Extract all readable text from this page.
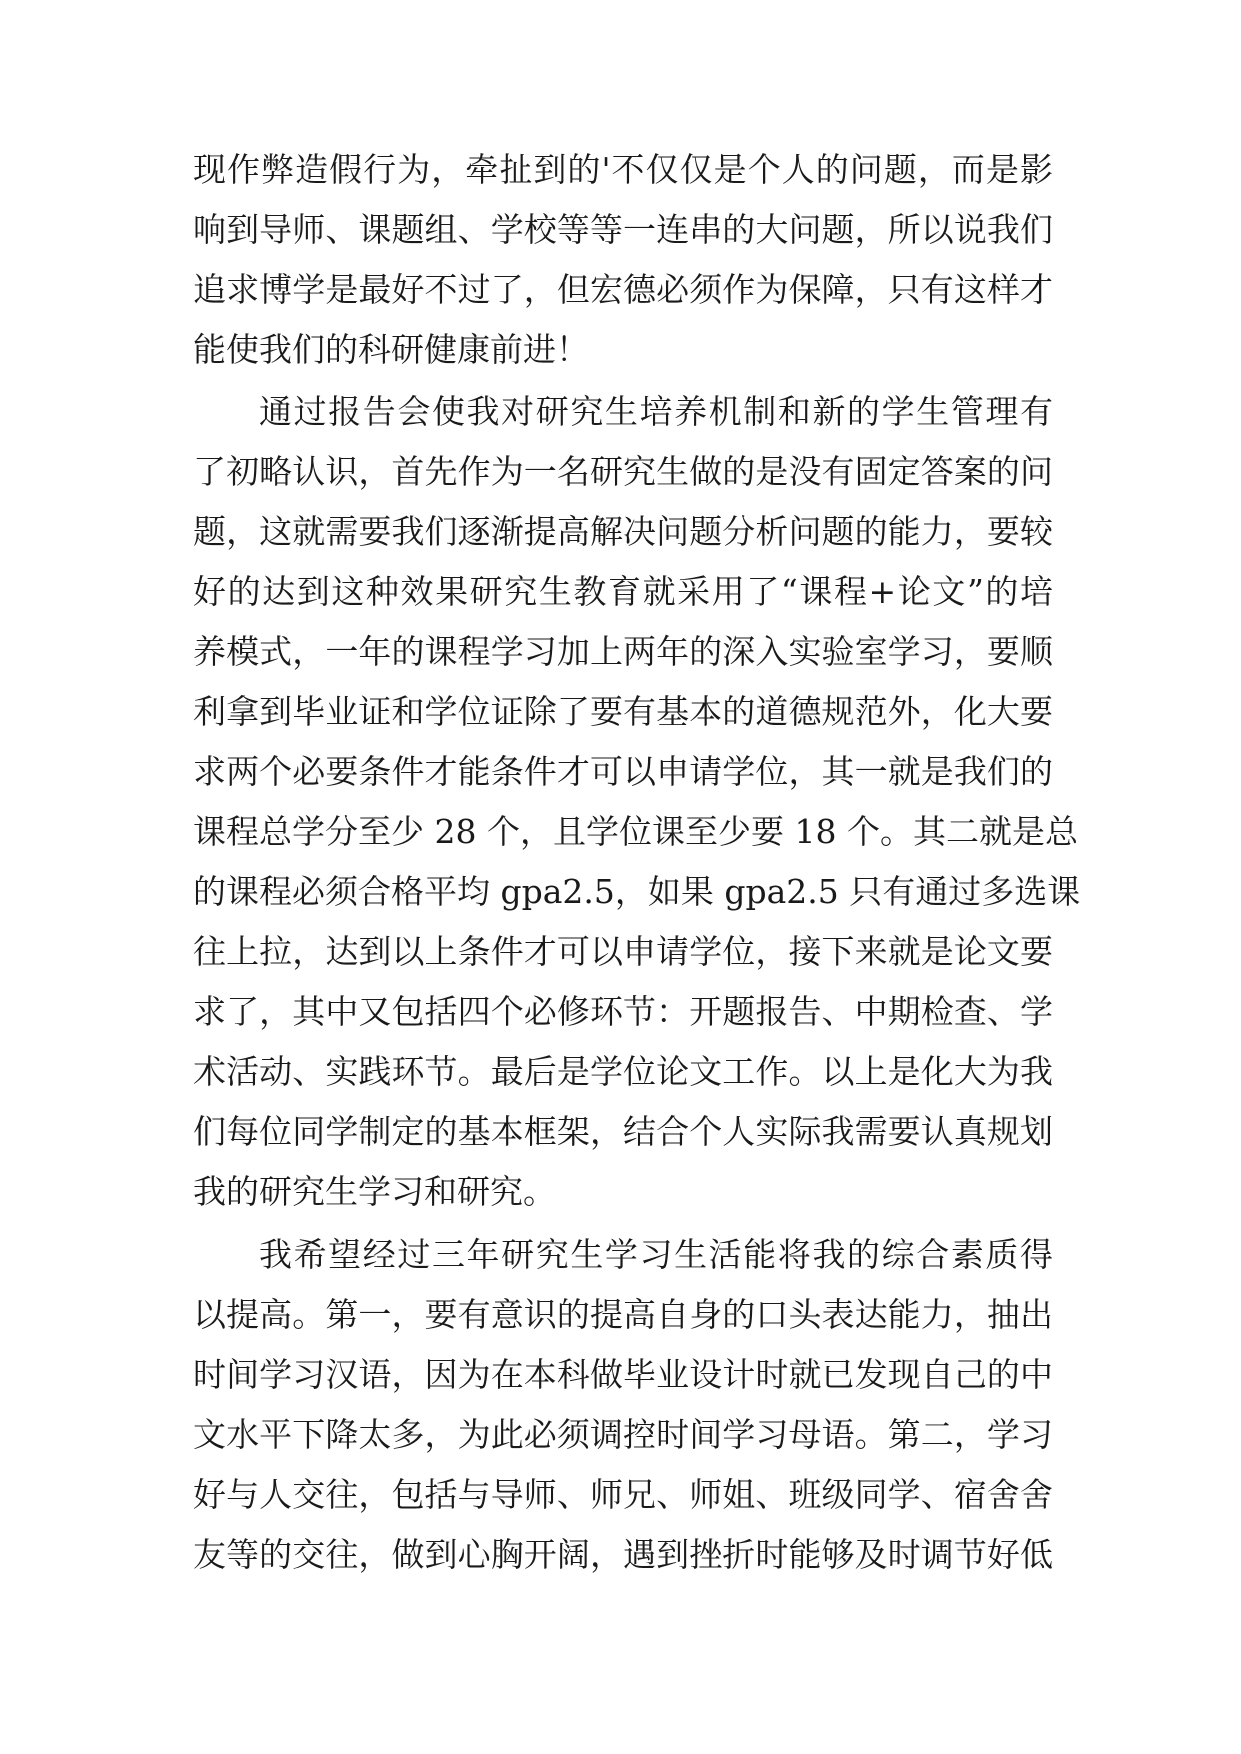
现作弊造假行为，牵扯到的'不仅仅是个人的问题，而是影
响到导师、课题组、学校等等一连串的大问题，所以说我们
追求博学是最好不过了，但宏德必须作为保障，只有这样才
能使我们的科研健康前进！
通过报告会使我对研究生培养机制和新的学生管理有
了初略认识，首先作为一名研究生做的是没有固定答案的问
题，这就需要我们逐渐提高解决问题分析问题的能力，要较
好的达到这种效果研究生教育就采用了“课程+论文”的培
养模式，一年的课程学习加上两年的深入实验室学习，要顺
利拿到毕业证和学位证除了要有基本的道德规范外，化大要
求两个必要条件才能条件才可以申请学位，其一就是我们的
课程总学分至少 28 个，且学位课至少要 18 个。其二就是总
的课程必须合格平均 gpa2.5，如果 gpa2.5 只有通过多选课
往上拉，达到以上条件才可以申请学位，接下来就是论文要
求了，其中又包括四个必修环节：开题报告、中期检查、学
术活动、实践环节。最后是学位论文工作。以上是化大为我
们每位同学制定的基本框架，结合个人实际我需要认真规划
我的研究生学习和研究。
我希望经过三年研究生学习生活能将我的综合素质得
以提高。第一，要有意识的提高自身的口头表达能力，抽出
时间学习汉语，因为在本科做毕业设计时就已发现自己的中
文水平下降太多，为此必须调控时间学习母语。第二，学习
好与人交往，包括与导师、师兄、师姐、班级同学、宿舍舍
友等的交往，做到心胸开阔，遇到挫折时能够及时调节好低
